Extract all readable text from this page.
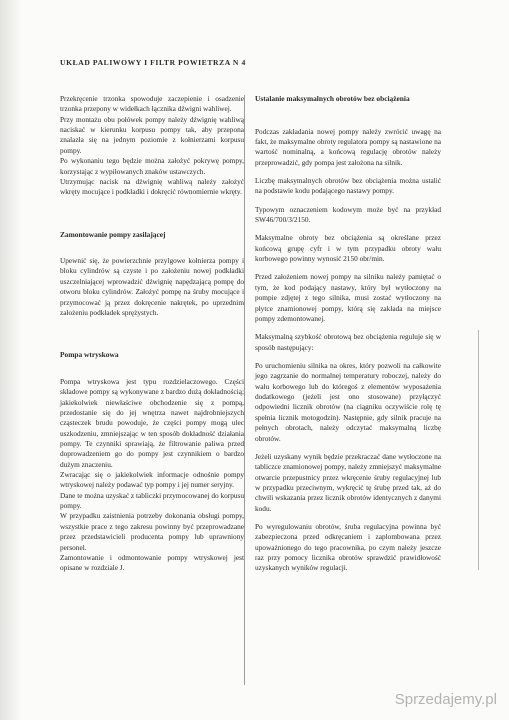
UKŁAD PALIWOWY I FILTR POWIETRZA N 4

Przekręcenie trzonka spowoduje zaczepienie i osadzenie trzonka przepony w widełkach łącznika dźwigni wahliwej.

Przy montażu obu połówek pompy należy dźwignię wahliwą naciskać w kierunku korpusu pompy tak, aby przepona znalazła się na jednym poziomie z kołnierzami korpusu pompy.

Po wykonaniu tego będzie można założyć pokrywę pompy, korzystając z wypiłowanych znaków ustawczych.

Utrzymując nacisk na dźwignię wahliwą należy założyć wkręty mocujące i podkładki i dokręcić równomiernie wkręty.

Zamontowanie pompy zasilającej

Upewnić się, że powierzchnie przylgowe kołnierza pompy i bloku cylindrów są czyste i po założeniu nowej podkładki uszczelniającej wprowadzić dźwignię napędzającą pompę do otworu bloku cylindrów. Założyć pompę na śruby mocujące i przymocować ją przez dokręcenie nakrętek, po uprzednim założeniu podkładek sprężystych.

Pompa wtryskowa

Pompa wtryskowa jest typu rozdzielaczowego. Części składowe pompy są wykonywane z bardzo dużą dokładnością; jakiekolwiek niewłaściwe obchodzenie się z pompą, przedostanie się do jej wnętrza nawet najdrobniejszych cząsteczek brudu powoduje, że części pompy mogą ulec uszkodzeniu, zmniejszając w ten sposób dokładność działania pompy. Te czynniki sprawiają, że filtrowanie paliwa przed doprowadzeniem go do pompy jest czynnikiem o bardzo dużym znaczeniu.

Zwracając się o jakiekolwiek informacje odnośnie pompy wtryskowej należy podawać typ pompy i jej numer seryjny.

Dane te można uzyskać z tabliczki przymocowanej do korpusu pompy.

W przypadku zaistnienia potrzeby dokonania obsługi pompy, wszystkie prace z tego zakresu powinny być przeprowadzane przez przedstawicieli producenta pompy lub uprawniony personel.

Zamontowanie i odmontowanie pompy wtryskowej jest opisane w rozdziale J.

Ustalanie maksymalnych obrotów bez obciążenia

Podczas zakładania nowej pompy należy zwrócić uwagę na fakt, że maksymalne obroty regulatora pompy są nastawione na wartość nominalną, a końcową regulację obrotów należy przeprowadzić, gdy pompa jest założona na silnik.

Liczbę maksymalnych obrotów bez obciążenia można ustalić na podstawie kodu podającego nastawy pompy.

Typowym oznaczeniem kodowym może być na przykład SW46/700/3/2150.

Maksymalne obroty bez obciążenia są określane przez końcową grupę cyfr i w tym przypadku obroty wału korbowego powinny wynosić 2150 obr/min.

Przed założeniem nowej pompy na silniku należy pamiętać o tym, że kod podający nastawy, który był wytłoczony na pompie zdjętej z tego silnika, musi zostać wytłoczony na płytce znamionowej pompy, którą się zakłada na miejsce pompy zdemontowanej.

Maksymalną szybkość obrotową bez obciążenia reguluje się w sposób następujący:

Po uruchomieniu silnika na okres, który pozwoli na całkowite jego zagrzanie do normalnej temperatury roboczej, należy do wału korbowego lub do któregoś z elementów wyposażenia dodatkowego (jeżeli jest ono stosowane) przyłączyć odpowiedni licznik obrotów (na ciągniku oczywiście rolę tę spełnia licznik motogodzin). Następnie, gdy silnik pracuje na pełnych obrotach, należy odczytać maksymalną liczbę obrotów.

Jeżeli uzyskany wynik będzie przekraczać dane wytłoczone na tabliczce znamionowej pompy, należy zmniejszyć maksymalne otwarcie przepustnicy przez wkręcenie śruby regulacyjnej lub w przypadku przeciwnym, wykręcić tę śrubę przed tak, aż do chwili wskazania przez licznik obrotów identycznych z danymi kodu.

Po wyregulowaniu obrotów, śruba regulacyjna powinna być zabezpieczona przed odkręcaniem i zaplombowana przez upoważnionego do tego pracownika, po czym należy jeszcze raz przy pomocy licznika obrotów sprawdzić prawidłowość uzyskanych wyników regulacji.

Sprzedajemy.pl
